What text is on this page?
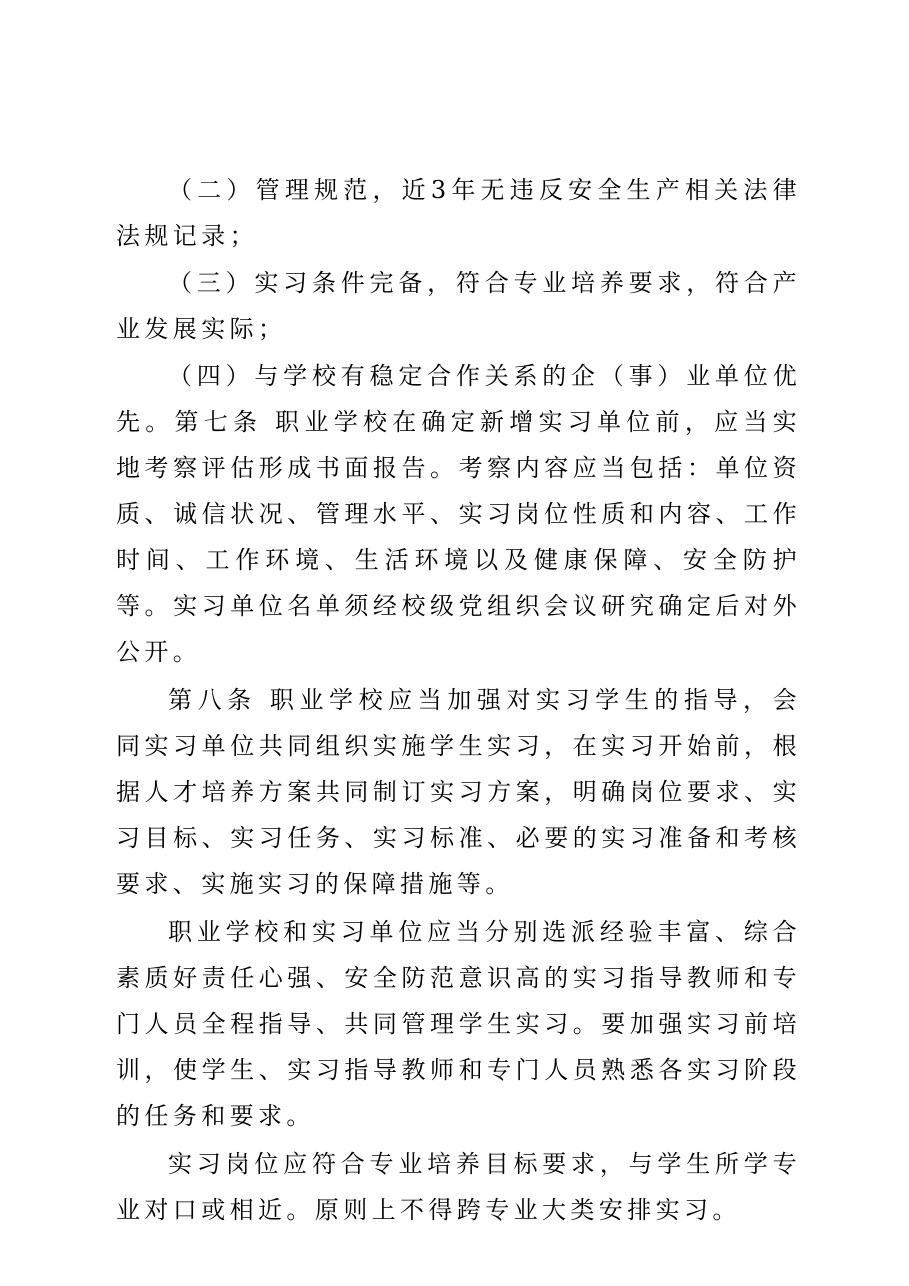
（二）管理规范，近3年无违反安全生产相关法律法规记录；

（三）实习条件完备，符合专业培养要求，符合产业发展实际；

（四）与学校有稳定合作关系的企（事）业单位优先。第七条 职业学校在确定新增实习单位前，应当实地考察评估形成书面报告。考察内容应当包括：单位资质、诚信状况、管理水平、实习岗位性质和内容、工作时间、工作环境、生活环境以及健康保障、安全防护等。实习单位名单须经校级党组织会议研究确定后对外公开。

第八条 职业学校应当加强对实习学生的指导，会同实习单位共同组织实施学生实习，在实习开始前，根据人才培养方案共同制订实习方案，明确岗位要求、实习目标、实习任务、实习标准、必要的实习准备和考核要求、实施实习的保障措施等。

职业学校和实习单位应当分别选派经验丰富、综合素质好责任心强、安全防范意识高的实习指导教师和专门人员全程指导、共同管理学生实习。要加强实习前培训，使学生、实习指导教师和专门人员熟悉各实习阶段的任务和要求。

实习岗位应符合专业培养目标要求，与学生所学专业对口或相近。原则上不得跨专业大类安排实习。
